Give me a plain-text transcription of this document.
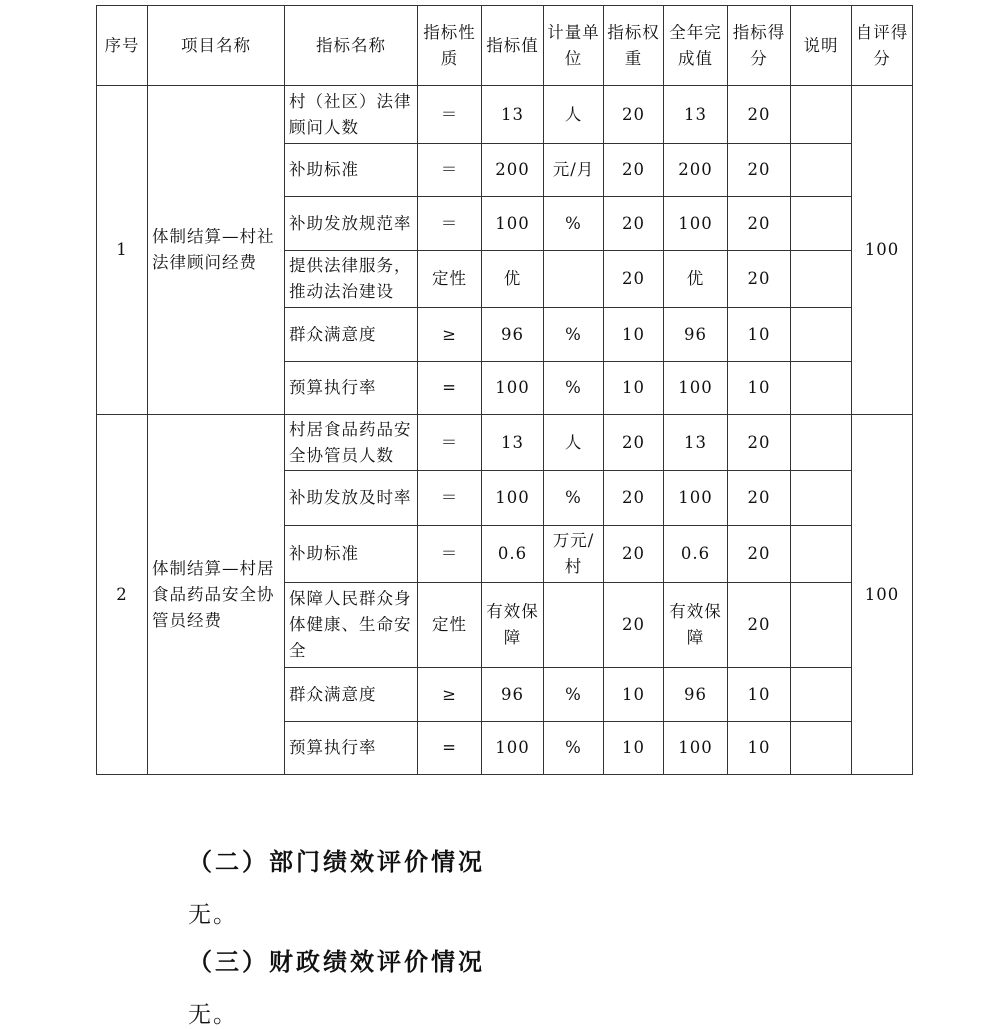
序号	项目名称	指标名称	指标性质	指标值	计量单位	指标权重	全年完成值	指标得分	说明	自评得分
1	体制结算—村社法律顾问经费	村（社区）法律顾问人数	＝	13	人	20	13	20		100
		补助标准	＝	200	元/月	20	200	20		
		补助发放规范率	＝	100	%	20	100	20		
		提供法律服务，推动法治建设	定性	优		20	优	20		
		群众满意度	≥	96	%	10	96	10		
		预算执行率	=	100	%	10	100	10		
2	体制结算—村居食品药品安全协管员经费	村居食品药品安全协管员人数	＝	13	人	20	13	20		100
		补助发放及时率	＝	100	%	20	100	20		
		补助标准	＝	0.6	万元/村	20	0.6	20		
		保障人民群众身体健康、生命安全	定性	有效保障		20	有效保障	20		
		群众满意度	≥	96	%	10	96	10		
		预算执行率	=	100	%	10	100	10		
（二）部门绩效评价情况
无。
（三）财政绩效评价情况
无。
